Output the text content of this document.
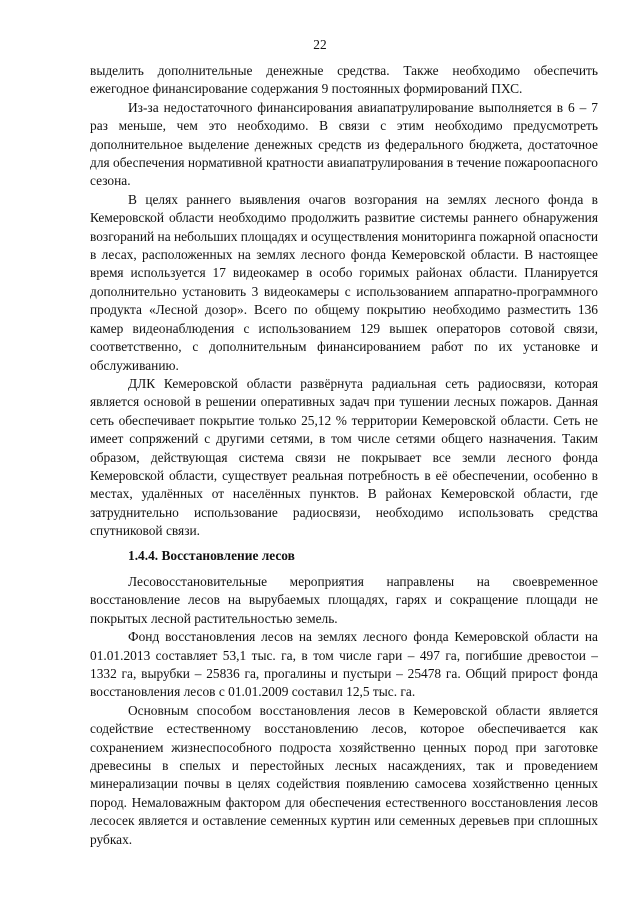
22

выделить дополнительные денежные средства. Также необходимо обеспечить ежегодное финансирование содержания 9 постоянных формирований ПХС.

Из-за недостаточного финансирования авиапатрулирование выполняется в 6 – 7 раз меньше, чем это необходимо. В связи с этим необходимо предусмотреть дополнительное выделение денежных средств из федерального бюджета, достаточное для обеспечения нормативной кратности авиапатрулирования в течение пожароопасного сезона.

В целях раннего выявления очагов возгорания на землях лесного фонда в Кемеровской области необходимо продолжить развитие системы раннего обнаружения возгораний на небольших площадях и осуществления мониторинга пожарной опасности в лесах, расположенных на землях лесного фонда Кемеровской области. В настоящее время используется 17 видеокамер в особо горимых районах области. Планируется дополнительно установить 3 видеокамеры с использованием аппаратно-программного продукта «Лесной дозор». Всего по общему покрытию необходимо разместить 136 камер видеонаблюдения с использованием 129 вышек операторов сотовой связи, соответственно, с дополнительным финансированием работ по их установке и обслуживанию.

ДЛК Кемеровской области развёрнута радиальная сеть радиосвязи, которая является основой в решении оперативных задач при тушении лесных пожаров. Данная сеть обеспечивает покрытие только 25,12 % территории Кемеровской области. Сеть не имеет сопряжений с другими сетями, в том числе сетями общего назначения. Таким образом, действующая система связи не покрывает все земли лесного фонда Кемеровской области, существует реальная потребность в её обеспечении, особенно в местах, удалённых от населённых пунктов. В районах Кемеровской области, где затруднительно использование радиосвязи, необходимо использовать средства спутниковой связи.

1.4.4. Восстановление лесов

Лесовосстановительные мероприятия направлены на своевременное восстановление лесов на вырубаемых площадях, гарях и сокращение площади не покрытых лесной растительностью земель.

Фонд восстановления лесов на землях лесного фонда Кемеровской области на 01.01.2013 составляет 53,1 тыс. га, в том числе гари – 497 га, погибшие древостои – 1332 га, вырубки – 25836 га, прогалины и пустыри – 25478 га. Общий прирост фонда восстановления лесов с 01.01.2009 составил 12,5 тыс. га.

Основным способом восстановления лесов в Кемеровской области является содействие естественному восстановлению лесов, которое обеспечивается как сохранением жизнеспособного подроста хозяйственно ценных пород при заготовке древесины в спелых и перестойных лесных насаждениях, так и проведением минерализации почвы в целях содействия появлению самосева хозяйственно ценных пород. Немаловажным фактором для обеспечения естественного восстановления лесов лесосек является и оставление семенных куртин или семенных деревьев при сплошных рубках.
